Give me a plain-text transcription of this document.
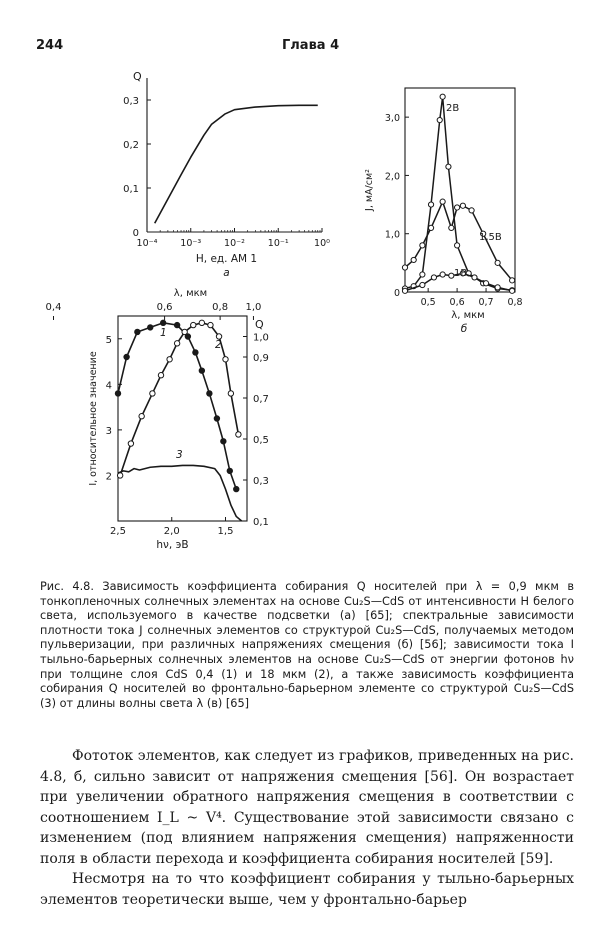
244	Глава 4
10⁻⁴ 10⁻³ 10⁻² 10⁻¹	10⁰
0
0,1
0,2
0,3
Q
H, ед. AM 1
а
0,5 0,6 0,7 0,8
0
1,0
2,0
3,0
J, мА/см²
λ, мкм
б
2В
1,5В
1В
2,5	2,0	1,5
0,4	0,6	0,8 1,0
λ, мкм
2
3
4
5
0,1
0,3
0,5
0,7
0,9
1,0
Q
I, относительное значение
hν, эВ
1
2
3
Рис. 4.8. Зависимость коэффициента собирания Q носителей при λ = 0,9 мкм в тонкопленочных солнечных элементах на основе Cu₂S—CdS от интенсивности H белого света, используемого в качестве подсветки (а) [65]; спектральные зависимости плотности тока J солнечных элементов со структурой Cu₂S—CdS, получаемых методом пульверизации, при различных напряжениях смещения (б) [56]; зависимости тока I тыльно-барьерных солнечных элементов на основе Cu₂S—CdS от энергии фотонов hν при толщине слоя CdS 0,4 (1) и 18 мкм (2), а также зависимость коэффициента собирания Q носителей во фронтально-барьерном элементе со структурой Cu₂S—CdS (3) от длины волны света λ (в) [65]

Фототок элементов, как следует из графиков, приведенных на рис. 4.8, б, сильно зависит от напряжения смещения [56]. Он возрастает при увеличении обратного напряжения смещения в соответствии с соотношением I_L ~ V⁴. Существование этой зависимости связано с изменением (под влиянием напряжения смещения) напряженности поля в области перехода и коэффициента собирания носителей [59].

Несмотря на то что коэффициент собирания у тыльно-барьерных элементов теоретически выше, чем у фронтально-барьер
